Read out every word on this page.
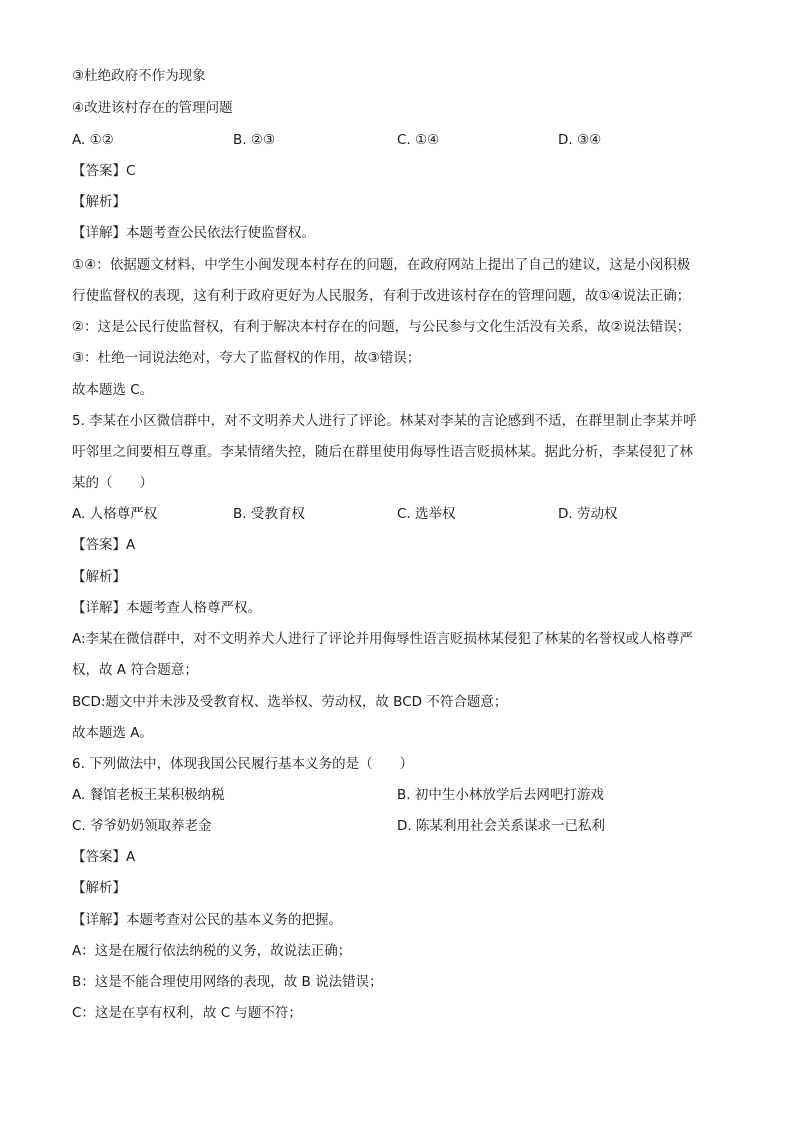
③杜绝政府不作为现象
④改进该村存在的管理问题
A. ①②	B. ②③	C. ①④	D. ③④
【答案】C
【解析】
【详解】本题考查公民依法行使监督权。
①④：依据题文材料，中学生小闽发现本村存在的问题，在政府网站上提出了自己的建议，这是小闵积极
行使监督权的表现，这有利于政府更好为人民服务，有利于改进该村存在的管理问题，故①④说法正确；
②：这是公民行使监督权，有利于解决本村存在的问题，与公民参与文化生活没有关系，故②说法错误；
③：杜绝一词说法绝对，夸大了监督权的作用，故③错误；
故本题选 C。
5. 李某在小区微信群中，对不文明养犬人进行了评论。林某对李某的言论感到不适，在群里制止李某并呼
吁邻里之间要相互尊重。李某情绪失控，随后在群里使用侮辱性语言贬损林某。据此分析，李某侵犯了林
某的（　　）
A. 人格尊严权	B. 受教育权	C. 选举权	D. 劳动权
【答案】A
【解析】
【详解】本题考查人格尊严权。
A:李某在微信群中，对不文明养犬人进行了评论并用侮辱性语言贬损林某侵犯了林某的名誉权或人格尊严
权，故 A 符合题意；
BCD:题文中并未涉及受教育权、选举权、劳动权，故 BCD 不符合题意；
故本题选 A。
6. 下列做法中，体现我国公民履行基本义务的是（　　）
A. 餐馆老板王某积极纳税	B. 初中生小林放学后去网吧打游戏
C. 爷爷奶奶领取养老金	D. 陈某利用社会关系谋求一已私利
【答案】A
【解析】
【详解】本题考查对公民的基本义务的把握。
A：这是在履行依法纳税的义务，故说法正确；
B：这是不能合理使用网络的表现，故 B 说法错误；
C：这是在享有权利，故 C 与题不符；
